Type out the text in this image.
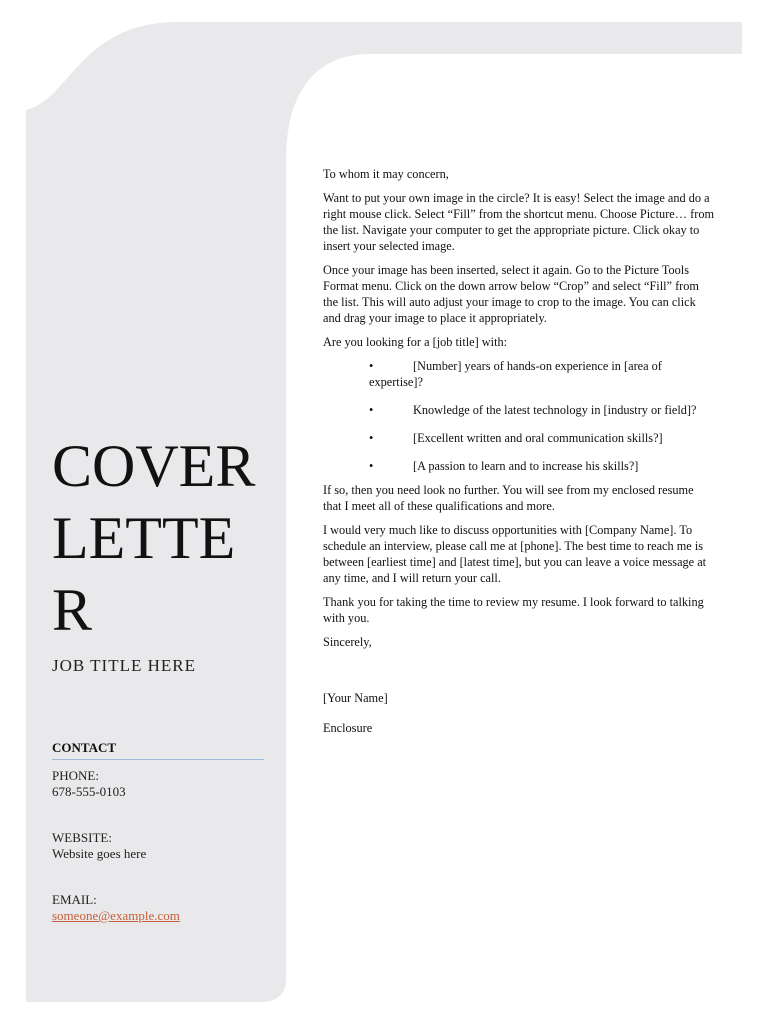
COVER
LETTE
R
JOB TITLE HERE
CONTACT
PHONE:
678-555-0103
WEBSITE:
Website goes here
EMAIL:
someone@example.com

To whom it may concern,

Want to put your own image in the circle? It is easy! Select the image and do a right mouse click. Select “Fill” from the shortcut menu. Choose Picture… from the list. Navigate your computer to get the appropriate picture. Click okay to insert your selected image.

Once your image has been inserted, select it again. Go to the Picture Tools Format menu. Click on the down arrow below “Crop” and select “Fill” from the list. This will auto adjust your image to crop to the image. You can click and drag your image to place it appropriately.

Are you looking for a [job title] with:

•	[Number] years of hands-on experience in [area of expertise]?
•	Knowledge of the latest technology in [industry or field]?
•	[Excellent written and oral communication skills?]
•	[A passion to learn and to increase his skills?]

If so, then you need look no further. You will see from my enclosed resume that I meet all of these qualifications and more.

I would very much like to discuss opportunities with [Company Name]. To schedule an interview, please call me at [phone]. The best time to reach me is between [earliest time] and [latest time], but you can leave a voice message at any time, and I will return your call.

Thank you for taking the time to review my resume. I look forward to talking with you.

Sincerely,

[Your Name]

Enclosure
